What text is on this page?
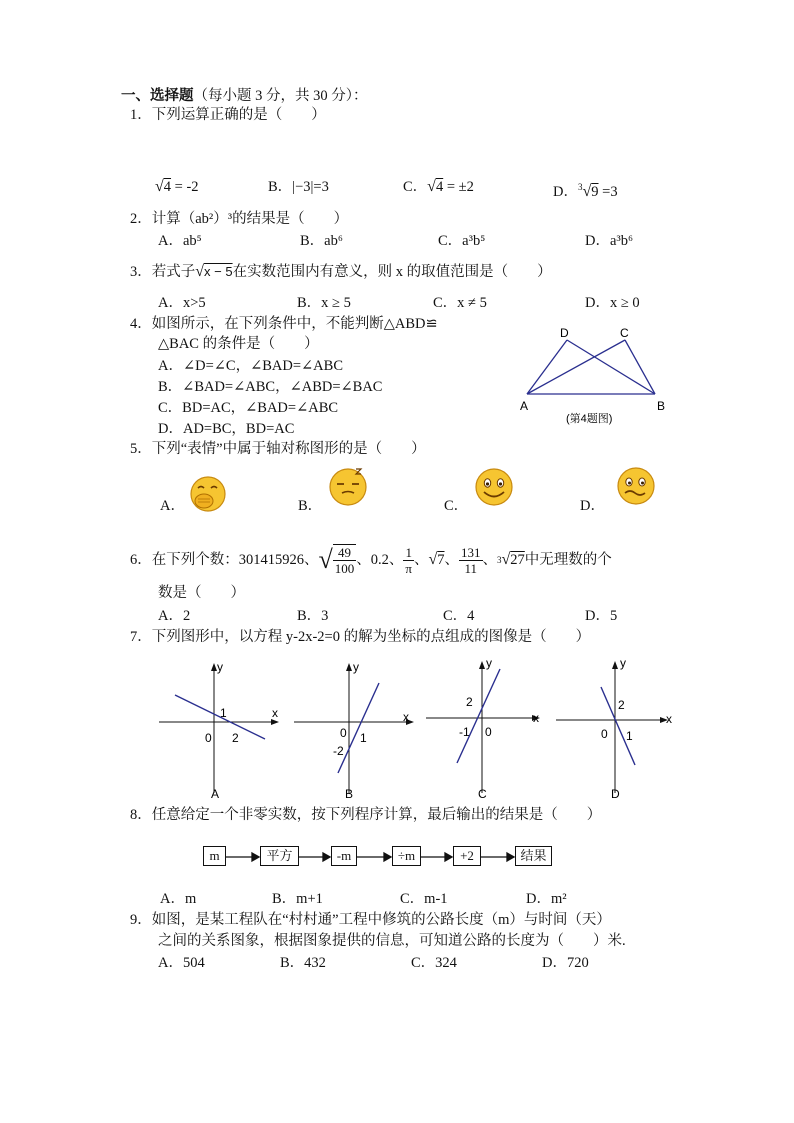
一、选择题（每小题 3 分，共 30 分）：
1．下列运算正确的是（　　）
√4 = -2	B．|−3|=3	C．√4 = ±2	D．$^3$√9 =3
2．计算（ab²）³的结果是（　　）
A．ab⁵	B．ab⁶	C．a³b⁵	D．a³b⁶
3．若式子√x − 5在实数范围内有意义，则 x 的取值范围是（　　）
A．x>5	B．x ≥ 5	C．x ≠ 5	D．x ≥ 0
4．如图所示，在下列条件中，不能判断△ABD≌
△BAC 的条件是（　　）
A．∠D=∠C，∠BAD=∠ABC
B．∠BAD=∠ABC，∠ABD=∠BAC
C．BD=AC，∠BAD=∠ABC
D．AD=BC，BD=AC
D	C
A	B
(第4题图)
5．下列“表情”中属于轴对称图形的是（　　）
A．	B．	C．	D．
6． 在下列个数：301415926、 √ $\frac{49}{100}$ 、0.2、 $\frac{1}{\pi}$ 、 √ 7 、 $\frac{131}{11}$ 、 3 √ 27 中无理数的个
数是（　　）
A．2	B．3	C．4	D．5
7．下列图形中，以方程 y-2x-2=0 的解为坐标的点组成的图像是（　　）
x
y
1
2
0
A
x
y
-2
1
0
B
x
y
2
-1 0
C
x
y
2
1
0
D
8．任意给定一个非零实数，按下列程序计算，最后输出的结果是（　　）
m	平方	-m	÷m	+2	结果
A．m	B．m+1	C．m-1	D．m²
9．如图，是某工程队在“村村通”工程中修筑的公路长度（m）与时间（天）
之间的关系图象，根据图象提供的信息，可知道公路的长度为（　　）米.
A．504	B．432	C．324	D．720
